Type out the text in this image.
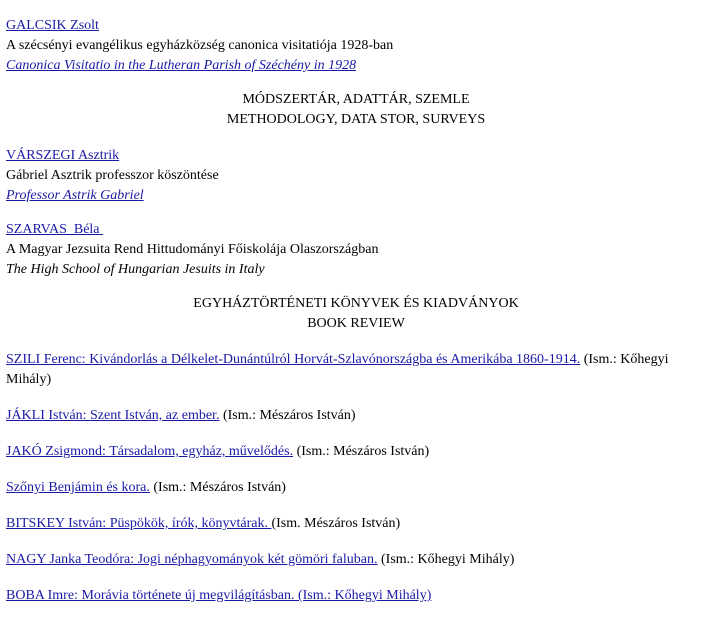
GALCSIK Zsolt
A szécsényi evangélikus egyházközség canonica visitatiója 1928-ban
Canonica Visitatio in the Lutheran Parish of Széchény in 1928
MÓDSZERTÁR, ADATTÁR, SZEMLE
METHODOLOGY, DATA STOR, SURVEYS
VÁRSZEGI Asztrik
Gábriel Asztrik professzor köszöntése
Professor Astrik Gabriel
SZARVAS  Béla
A Magyar Jezsuita Rend Hittudományi Főiskolája Olaszországban
The High School of Hungarian Jesuits in Italy
EGYHÁZTÖRTÉNETI KÖNYVEK ÉS KIADVÁNYOK
BOOK REVIEW
SZILI Ferenc: Kivándorlás a Délkelet-Dunántúlról Horvát-Szlavónországba és Amerikába 1860-1914. (Ism.: Kőhegyi Mihály)
JÁKLI István: Szent István, az ember. (Ism.: Mészáros István)
JAKÓ Zsigmond: Társadalom, egyház, művelődés. (Ism.: Mészáros István)
Szőnyi Benjámin és kora. (Ism.: Mészáros István)
BITSKEY István: Püspökök, írók, könyvtárak. (Ism. Mészáros István)
NAGY Janka Teodóra: Jogi néphagyományok két gömöri faluban. (Ism.: Kőhegyi Mihály)
BOBA Imre: Morávia története új megvilágításban. (Ism.: Kőhegyi Mihály)
